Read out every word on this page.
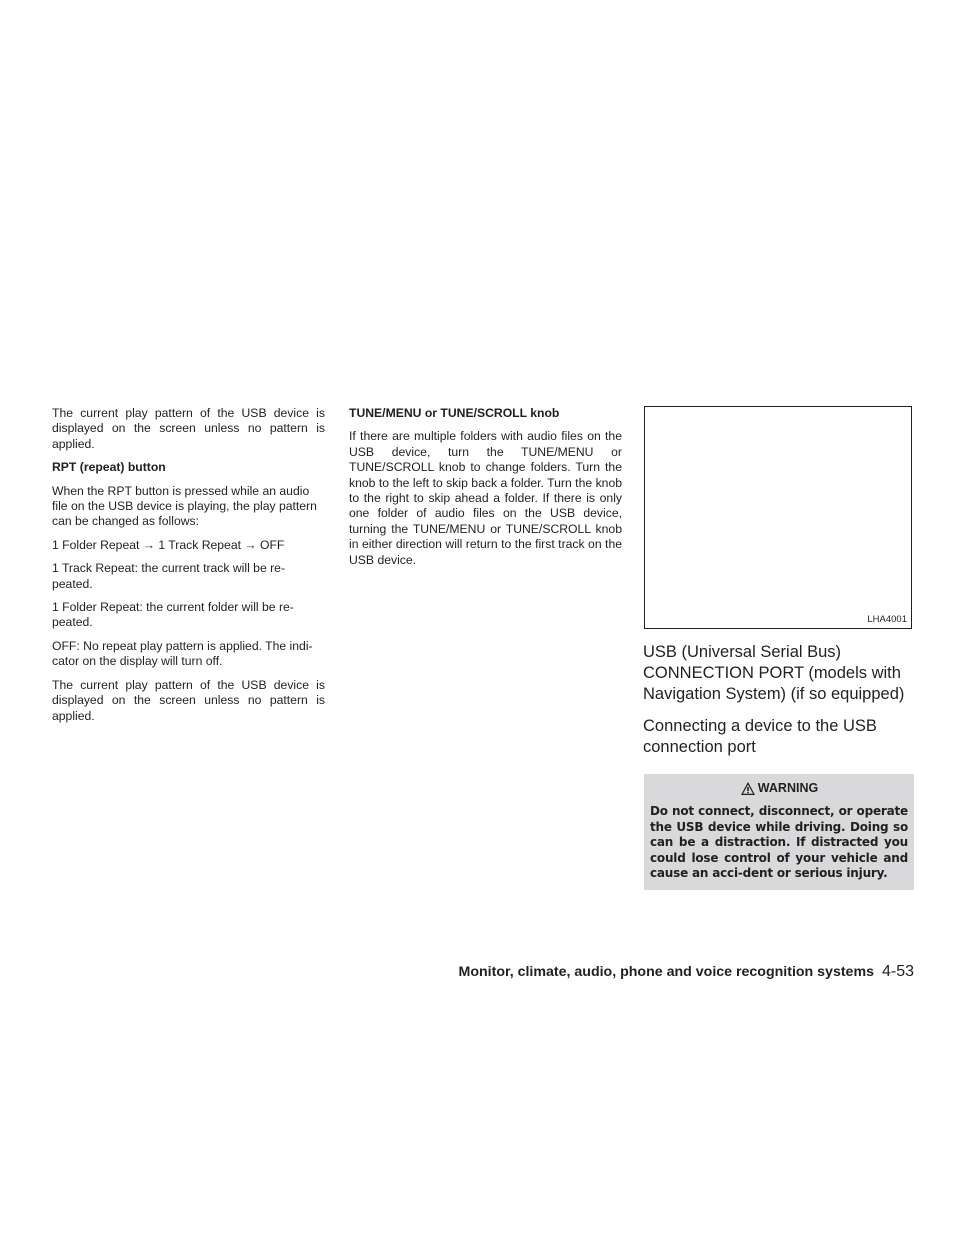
The current play pattern of the USB device is displayed on the screen unless no pattern is applied.

RPT (repeat) button

When the RPT button is pressed while an audio file on the USB device is playing, the play pattern can be changed as follows:

1 Folder Repeat → 1 Track Repeat → OFF

1 Track Repeat: the current track will be re-peated.

1 Folder Repeat: the current folder will be re-peated.

OFF: No repeat play pattern is applied. The indi-cator on the display will turn off.

The current play pattern of the USB device is displayed on the screen unless no pattern is applied.

TUNE/MENU or TUNE/SCROLL knob

If there are multiple folders with audio files on the USB device, turn the TUNE/MENU or TUNE/SCROLL knob to change folders. Turn the knob to the left to skip back a folder. Turn the knob to the right to skip ahead a folder. If there is only one folder of audio files on the USB device, turning the TUNE/MENU or TUNE/SCROLL knob in either direction will return to the first track on the USB device.

LHA4001
USB (Universal Serial Bus) CONNECTION PORT (models with Navigation System) (if so equipped)
Connecting a device to the USB connection port
WARNING
Do not connect, disconnect, or operate the USB device while driving. Doing so can be a distraction. If distracted you could lose control of your vehicle and cause an acci-dent or serious injury.
Monitor, climate, audio, phone and voice recognition systems 4-53
